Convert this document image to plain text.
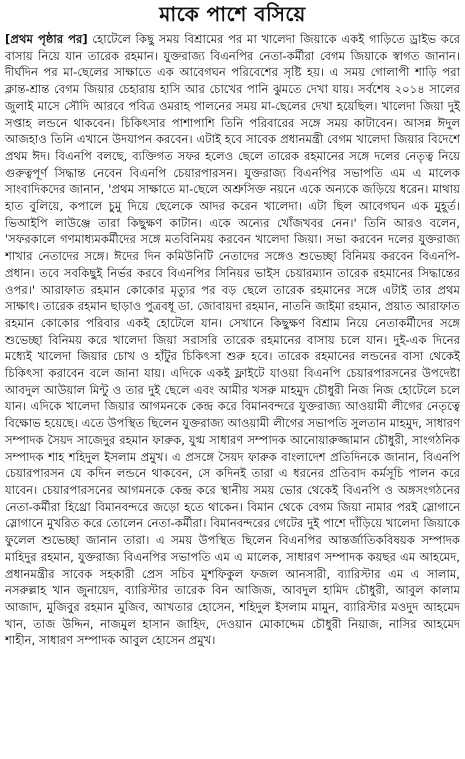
মাকে পাশে বসিয়ে

[প্রথম পৃষ্ঠার পর] হোটেলে কিছু সময় বিশ্রামের পর মা খালেদা জিয়াকে একই গাড়িতে ড্রাইভ করে বাসায় নিয়ে যান তারেক রহমান। যুক্তরাজ্য বিএনপির নেতা-কর্মীরা বেগম জিয়াকে স্বাগত জানান। দীর্ঘদিন পর মা-ছেলের সাক্ষাতে এক আবেগঘন পরিবেশের সৃষ্টি হয়। এ সময় গোলাপী শাড়ি পরা ক্লান্ত-শ্রান্ত বেগম জিয়ার চেহারায় হাসি আর চোখের পানি ঝুমতে দেখা যায়। সর্বশেষ ২০১৪ সালের জুলাই মাসে সৌদি আরবে পবিত্র ওমরাহ পালনের সময় মা-ছেলের দেখা হয়েছিল। খালেদা জিয়া দুই সপ্তাহ লন্ডনে থাকবেন। চিকিৎসার পাশাপাশি তিনি পরিবারের সঙ্গে সময় কাটাবেন। আসন্ন ঈদুল আজহাও তিনি এখানে উদযাপন করবেন। এটাই হবে সাবেক প্রধানমন্ত্রী বেগম খালেদা জিয়ার বিদেশে প্রথম ঈদ। বিএনপি বলছে, ব্যক্তিগত সফর হলেও ছেলে তারেক রহমানের সঙ্গে দলের নেতৃত্ব নিয়ে গুরুত্বপূর্ণ সিদ্ধান্ত নেবেন বিএনপি চেয়ারপারসন। যুক্তরাজ্য বিএনপির সভাপতি এম এ মালেক সাংবাদিকদের জানান, 'প্রথম সাক্ষাতে মা-ছেলে অশ্রুসিক্ত নয়নে একে অন্যকে জড়িয়ে ধরেন। মাথায় হাত বুলিয়ে, কপালে চুমু দিয়ে ছেলেকে আদর করেন খালেদা। এটা ছিল আবেগঘন এক মুহূর্ত। ভিআইপি লাউঞ্জে তারা কিছুক্ষণ কাটান। একে অন্যের খোঁজখবর নেন।' তিনি আরও বলেন, 'সফরকালে গণমাধ্যমকর্মীদের সঙ্গে মতবিনিময় করবেন খালেদা জিয়া। সভা করবেন দলের যুক্তরাজ্য শাখার নেতাদের সঙ্গে। ঈদের দিন কমিউনিটি নেতাদের সঙ্গেও শুভেচ্ছা বিনিময় করবেন বিএনপি-প্রধান। তবে সবকিছুই নির্ভর করবে বিএনপির সিনিয়র ভাইস চেয়ারম্যান তারেক রহমানের সিদ্ধান্তের ওপর।' আরাফাত রহমান কোকোর মৃত্যুর পর বড় ছেলে তারেক রহমানের সঙ্গে এটাই তার প্রথম সাক্ষাৎ। তারেক রহমান ছাড়াও পুত্রবধূ ডা. জোবায়দা রহমান, নাতনি জাইমা রহমান, প্রয়াত আরাফাত রহমান কোকোর পরিবার একই হোটেলে যান। সেখানে কিছুক্ষণ বিশ্রাম নিয়ে নেতাকর্মীদের সঙ্গে শুভেচ্ছা বিনিময় করে খালেদা জিয়া সরাসরি তারেক রহমানের বাসায় চলে যান। দুই-এক দিনের মধ্যেই খালেদা জিয়ার চোখ ও হাঁটুর চিকিৎসা শুরু হবে। তারেক রহমানের লন্ডনের বাসা থেকেই চিকিৎসা করাবেন বলে জানা যায়। এদিকে একই ফ্লাইটে যাওয়া বিএনপি চেয়ারপারসনের উপদেষ্টা আবদুল আউয়াল মিন্টু ও তার দুই ছেলে এবং আমীর খসরু মাহমুদ চৌধুরী নিজ নিজ হোটেলে চলে যান। এদিকে খালেদা জিয়ার আগমনকে কেন্দ্র করে বিমানবন্দরে যুক্তরাজ্য আওয়ামী লীগের নেতৃত্বে বিক্ষোভ হয়েছে। এতে উপস্থিত ছিলেন যুক্তরাজ্য আওয়ামী লীগের সভাপতি সুলতান মাহমুদ, সাধারণ সম্পাদক সৈয়দ সাজেদুর রহমান ফারুক, যুগ্ম সাধারণ সম্পাদক আনোয়ারুজ্জামান চৌধুরী, সাংগঠনিক সম্পাদক শাহ শহিদুল ইসলাম প্রমুখ। এ প্রসঙ্গে সৈয়দ ফারুক বাংলাদেশ প্রতিদিনকে জানান, বিএনপি চেয়ারপারসন যে কদিন লন্ডনে থাকবেন, সে কদিনই তারা এ ধরনের প্রতিবাদ কর্মসূচি পালন করে যাবেন। চেয়ারপারসনের আগমনকে কেন্দ্র করে স্থানীয় সময় ভোর থেকেই বিএনপি ও অঙ্গসংগঠনের নেতা-কর্মীরা হিথ্রো বিমানবন্দরে জড়ো হতে থাকেন। বিমান থেকে বেগম জিয়া নামার পরই স্লোগানে স্লোগানে মুখরিত করে তোলেন নেতা-কর্মীরা। বিমানবন্দরের গেটের দুই পাশে দাঁড়িয়ে খালেদা জিয়াকে ফুলেল শুভেচ্ছা জানান তারা। এ সময় উপস্থিত ছিলেন বিএনপির আন্তর্জাতিকবিষয়ক সম্পাদক মাহিদুর রহমান, যুক্তরাজ্য বিএনপির সভাপতি এম এ মালেক, সাধারণ সম্পাদক কয়ছর এম আহমেদ, প্রধানমন্ত্রীর সাবেক সহকারী প্রেস সচিব মুশফিকুল ফজল আনসারী, ব্যারিস্টার এম এ সালাম, নসরুল্লাহ খান জুনায়েদ, ব্যারিস্টার তারেক বিন আজিজ, আবদুল হামিদ চৌধুরী, আবুল কালাম আজাদ, মুজিবুর রহমান মুজিব, আখতার হোসেন, শহিদুল ইসলাম মামুন, ব্যারিস্টার মওদুদ আহমেদ খান, তাজ উদ্দিন, নাজমুল হাসান জাহিদ, দেওয়ান মোকাদ্দেম চৌধুরী নিয়াজ, নাসির আহমেদ শাহীন, সাধারণ সম্পাদক আবুল হোসেন প্রমুখ।
